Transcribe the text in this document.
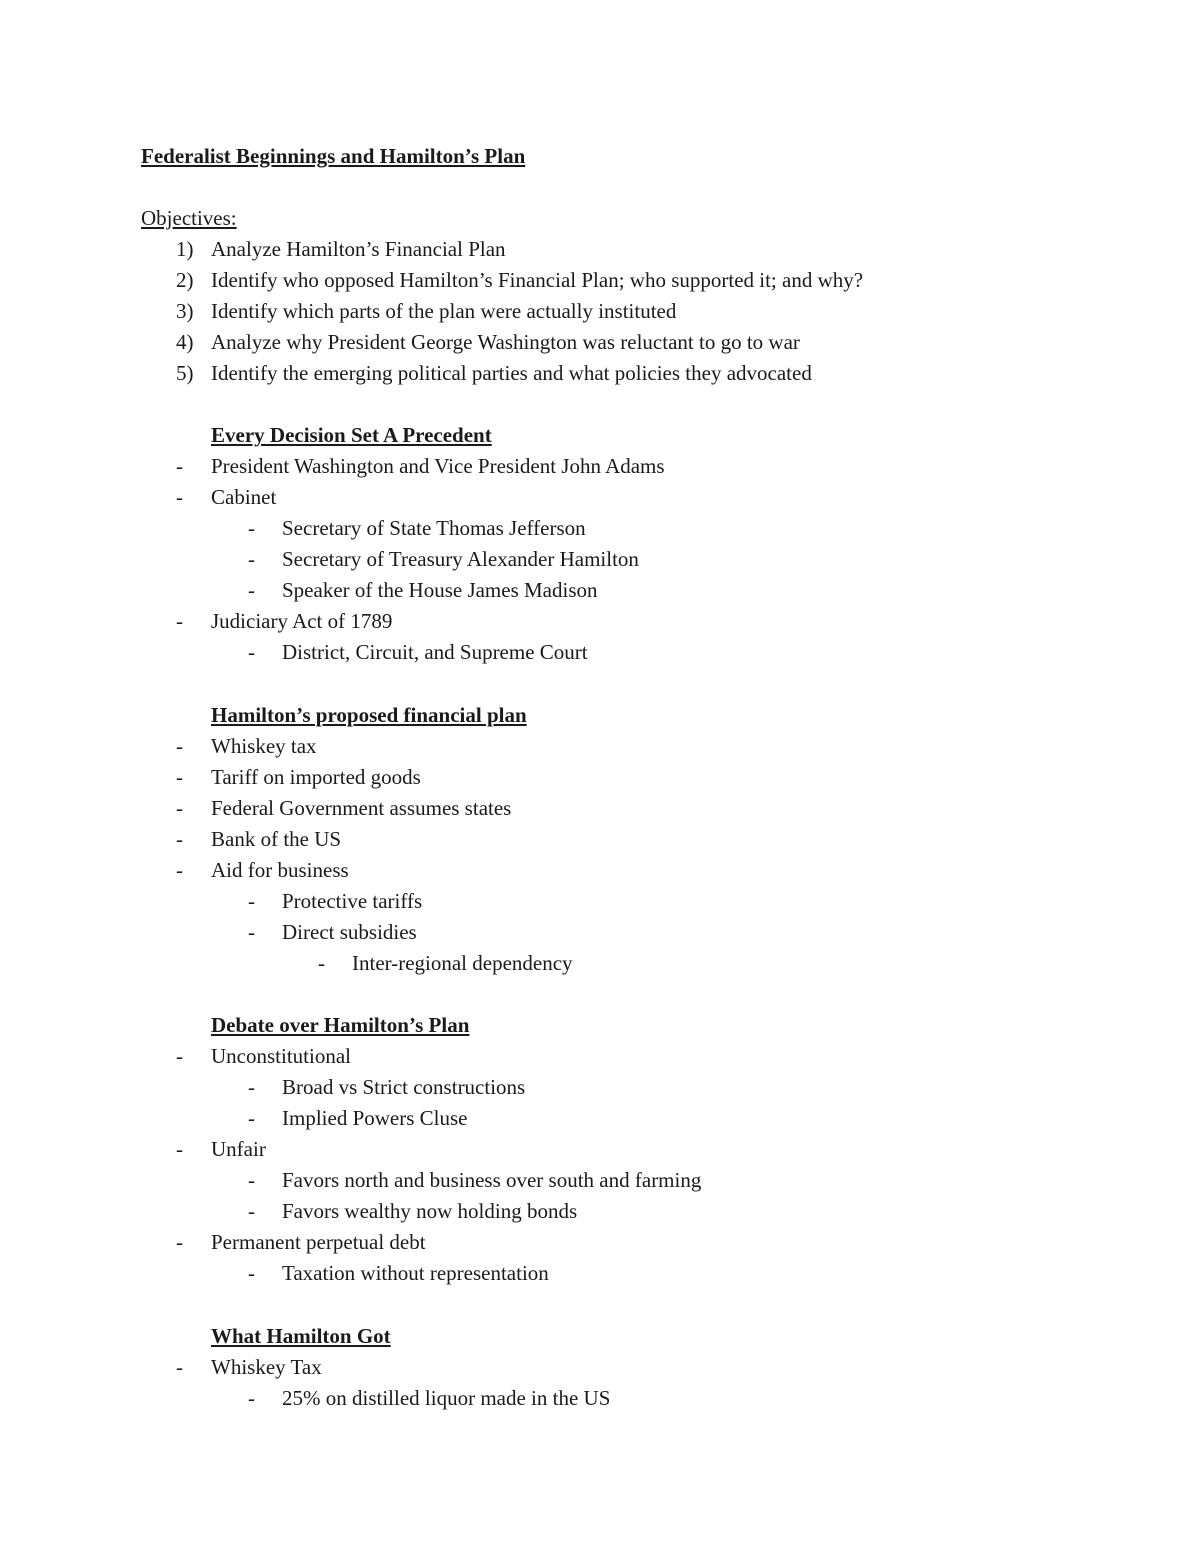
Federalist Beginnings and Hamilton’s Plan
Objectives:
1) Analyze Hamilton’s Financial Plan
2) Identify who opposed Hamilton’s Financial Plan; who supported it; and why?
3) Identify which parts of the plan were actually instituted
4) Analyze why President George Washington was reluctant to go to war
5) Identify the emerging political parties and what policies they advocated
Every Decision Set A Precedent
- President Washington and Vice President John Adams
- Cabinet
- Secretary of State Thomas Jefferson
- Secretary of Treasury Alexander Hamilton
- Speaker of the House James Madison
- Judiciary Act of 1789
- District, Circuit, and Supreme Court
Hamilton’s proposed financial plan
- Whiskey tax
- Tariff on imported goods
- Federal Government assumes states
- Bank of the US
- Aid for business
- Protective tariffs
- Direct subsidies
- Inter-regional dependency
Debate over Hamilton’s Plan
- Unconstitutional
- Broad vs Strict constructions
- Implied Powers Cluse
- Unfair
- Favors north and business over south and farming
- Favors wealthy now holding bonds
- Permanent perpetual debt
- Taxation without representation
What Hamilton Got
- Whiskey Tax
- 25% on distilled liquor made in the US
